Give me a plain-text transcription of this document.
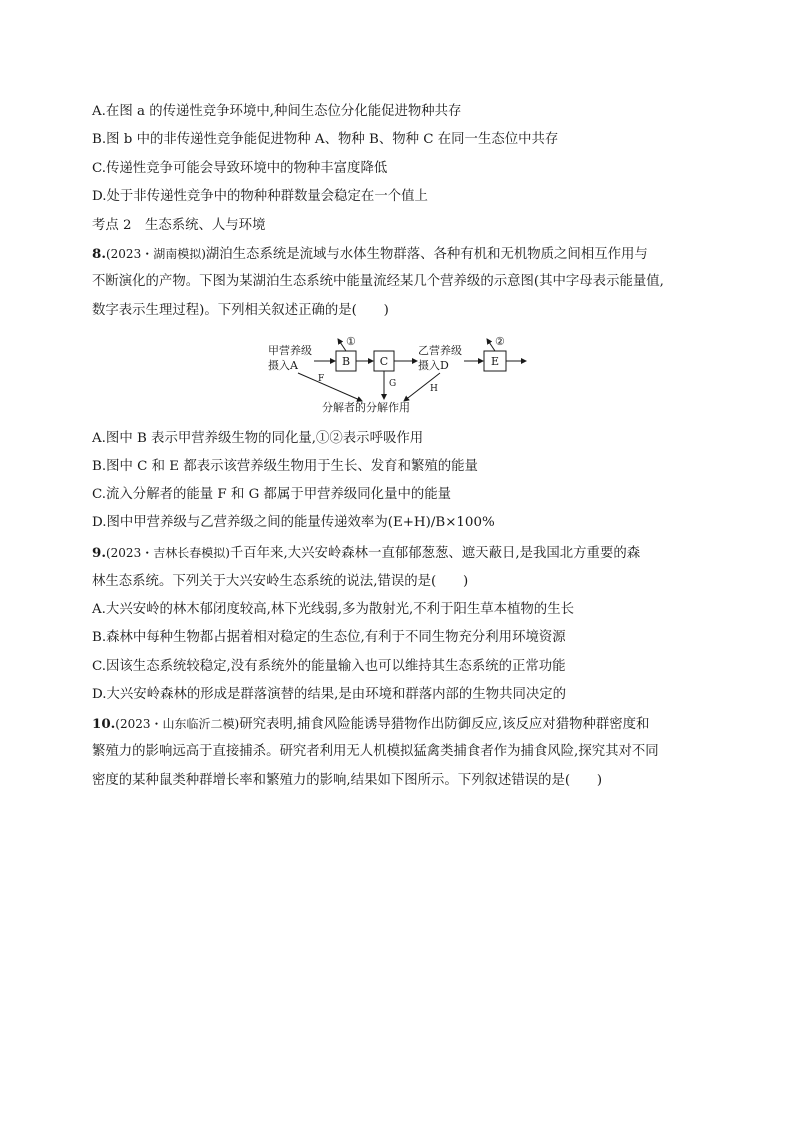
A.在图 a 的传递性竞争环境中,种间生态位分化能促进物种共存
B.图 b 中的非传递性竞争能促进物种 A、物种 B、物种 C 在同一生态位中共存
C.传递性竞争可能会导致环境中的物种丰富度降低
D.处于非传递性竞争中的物种种群数量会稳定在一个值上
考点 2　生态系统、人与环境
8.(2023・湖南模拟)湖泊生态系统是流域与水体生物群落、各种有机和无机物质之间相互作用与
不断演化的产物。下图为某湖泊生态系统中能量流经某几个营养级的示意图(其中字母表示能量值,
数字表示生理过程)。下列相关叙述正确的是(　　)
甲营养级
摄入A	B
①
C
乙营养级
摄入D	E
②
F	G	H
分解者的分解作用
A.图中 B 表示甲营养级生物的同化量,①②表示呼吸作用
B.图中 C 和 E 都表示该营养级生物用于生长、发育和繁殖的能量
C.流入分解者的能量 F 和 G 都属于甲营养级同化量中的能量
D.图中甲营养级与乙营养级之间的能量传递效率为(E+H)/B×100%
9.(2023・吉林长春模拟)千百年来,大兴安岭森林一直郁郁葱葱、遮天蔽日,是我国北方重要的森
林生态系统。下列关于大兴安岭生态系统的说法,错误的是(　　)
A.大兴安岭的林木郁闭度较高,林下光线弱,多为散射光,不利于阳生草本植物的生长
B.森林中每种生物都占据着相对稳定的生态位,有利于不同生物充分利用环境资源
C.因该生态系统较稳定,没有系统外的能量输入也可以维持其生态系统的正常功能
D.大兴安岭森林的形成是群落演替的结果,是由环境和群落内部的生物共同决定的
10.(2023・山东临沂二模)研究表明,捕食风险能诱导猎物作出防御反应,该反应对猎物种群密度和
繁殖力的影响远高于直接捕杀。研究者利用无人机模拟猛禽类捕食者作为捕食风险,探究其对不同
密度的某种鼠类种群增长率和繁殖力的影响,结果如下图所示。下列叙述错误的是(　　)
